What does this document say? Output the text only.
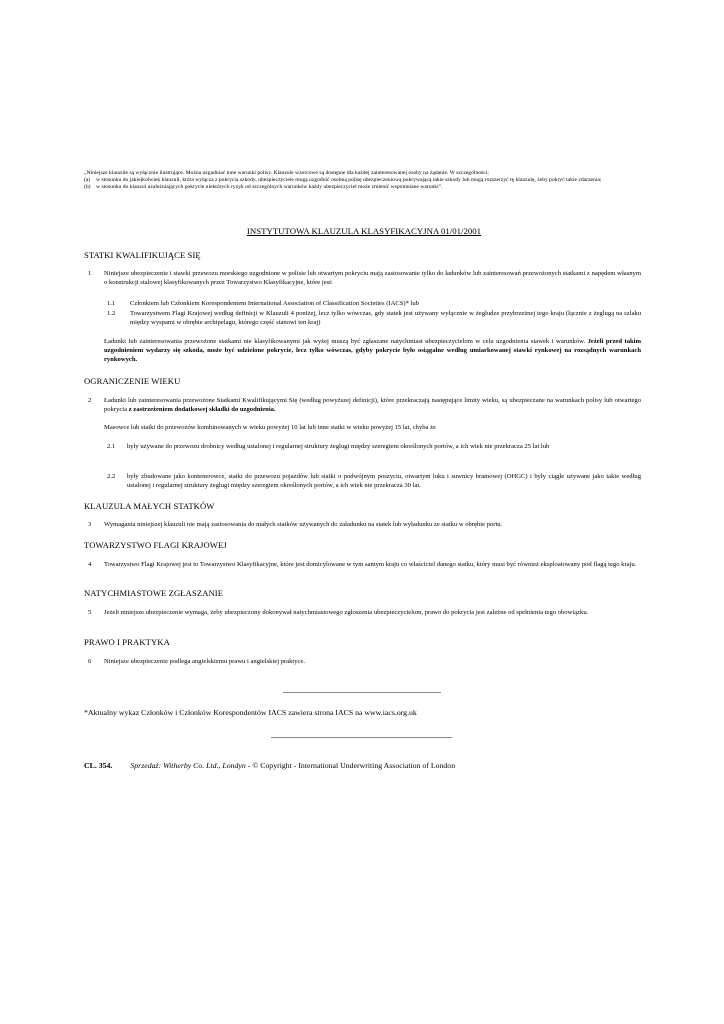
„Niniejsze klauzule są wyłącznie ilustrujące. Można uzgadniać inne warunki polisy. Klauzule wzorcowe są dostępne dla każdej zainteresowanej osoby na żądanie. W szczególności;

(a) w stosunku do jakiejkolwiek klauzuli, która wyłącza z pokrycia szkody, ubezpieczyciele mogą uzgodnić osobną polisę ubezpieczeniową pokrywającą takie szkody lub mogą rozszerzyć tę klauzulę, żeby pokryć takie zdarzenia;

(b) w stosunku do klauzul uzależniających pokrycie niektórych ryzyk od szczególnych warunków każdy ubezpieczyciel może zmienić wspomniane warunki”.

INSTYTUTOWA KLAUZULA KLASYFIKACYJNA 01/01/2001
STATKI KWALIFIKUJĄCE SIĘ
1 Niniejsze ubezpieczenie i stawki przewozu morskiego uzgodnione w polisie lub otwartym pokryciu mają zastosowanie tylko do ładunków lub zainteresowań przewożonych statkami z napędem własnym o konstrukcji stalowej klasyfikowanych przez Towarzystwo Klasyfikacyjne, które jest:
1.1 Członkiem lub Członkiem Korespondentem International Association of Classification Societies (IACS)* lub
1.2 Towarzystwem Flagi Krajowej według definicji w Klauzuli 4 poniżej, lecz tylko wówczas, gdy statek jest używany wyłącznie w żegludze przybrzeżnej tego kraju (łącznie z żeglugą na szlaku między wyspami w obrębie archipelagu, którego część stanowi ten kraj)
Ładunki lub zainteresowania przewożone statkami nie klasyfikowanymi jak wyżej muszą być zgłaszane natychmiast ubezpieczycielom w celu uzgodnienia stawek i warunków. Jeżeli przed takim uzgodnieniem wydarzy się szkoda, może być udzielone pokrycie, lecz tylko wówczas, gdyby pokrycie było osiągalne według umiarkowanej stawki rynkowej na rozsądnych warunkach rynkowych.
OGRANICZENIE WIEKU
2 Ładunki lub zainteresowania przewożone Statkami Kwalifikującymi Się (według powyższej definicji), które przekraczają następujące limity wieku, są ubezpieczane na warunkach polisy lub otwartego pokrycia z zastrzeżeniem dodatkowej składki do uzgodnienia.
Masowce lub statki do przewozów kombinowanych w wieku powyżej 10 lat lub inne statki w wieku powyżej 15 lat, chyba że
2.1 były używane do przewozu drobnicy według ustalonej i regularnej struktury żeglugi między szeregiem określonych portów, a ich wiek nie przekracza 25 lat lub
2.2 były zbudowane jako kontenerowce, statki do przewozu pojazdów lub statki o podwójnym poszyciu, otwartym luku i suwnicy bramowej (OHGC) i były ciągle używane jako takie według ustalonej i regularnej struktury żeglugi między szeregiem określonych portów, a ich wiek nie przekracza 30 lat.
KLAUZULA MAŁYCH STATKÓW
3 Wymagania niniejszej klauzuli nie mają zastosowania do małych statków używanych do załadunku na statek lub wyładunku ze statku w obrębie portu.
TOWARZYSTWO FLAGI KRAJOWEJ
4 Towarzystwo Flagi Krajowej jest to Towarzystwo Klasyfikacyjne, które jest domicylowane w tym samym kraju co właściciel danego statku, który musi być również eksploatowany pod flagą tego kraju.
NATYCHMIASTOWE ZGŁASZANIE
5 Jeżeli niniejsze ubezpieczenie wymaga, żeby ubezpieczony dokonywał natychmiastowego zgłoszenia ubezpieczycielom, prawo do pokrycia jest zależne od spełnienia tego obowiązku.
PRAWO I PRAKTYKA
6 Niniejsze ubezpieczenie podlega angielskiemu prawu i angielskiej praktyce.
*Aktualny wykaz Członków i Członków Korespondentów IACS zawiera strona IACS na www.iacs.org.uk
CL. 354. Sprzedaż: Witherby Co. Ltd., Londyn - © Copyright - International Underwriting Association of London
